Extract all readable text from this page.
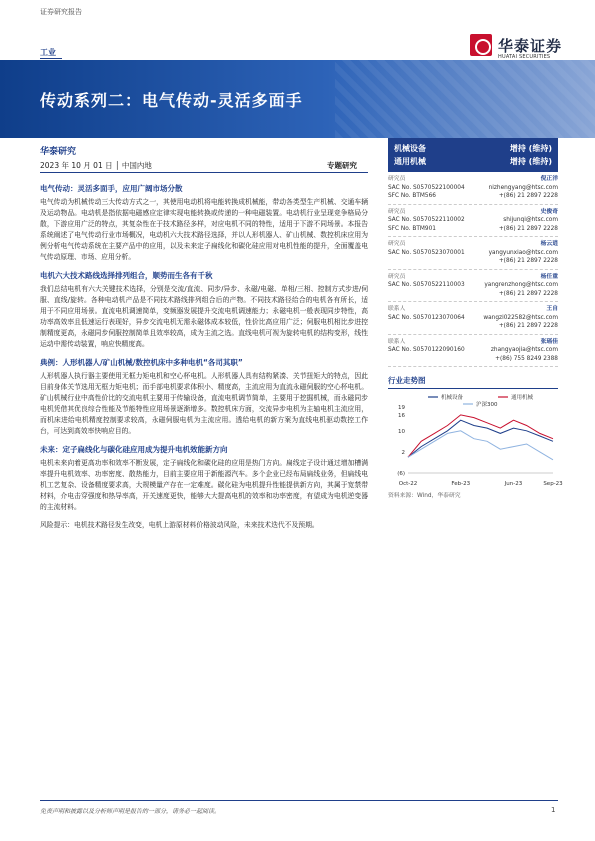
证券研究报告
华泰证券
HUATAI SECURITIES
工业
传动系列二：电气传动-灵活多面手
华泰研究
2023 年 10 月 01 日 │ 中国内地	专题研究
电气传动：灵活多面手，应用广阔市场分散
电气传动为机械传动三大传动方式之一，其使用电动机将电能转换成机械能，带动各类型生产机械、交通车辆及运动物品。电动机是指依据电磁感应定律实现电能转换或传递的一种电磁装置。电动机行业呈现竞争格局分散，下游应用广泛的特点，其复杂性在于技术路径多样，对应电机不同的特性，适用于下游不同场景。本报告系统阐述了电气传动行业市场概况，电动机六大技术路径选择，并以人形机器人、矿山机械、数控机床应用为例分析电气传动系统在主要产品中的应用，以及未来定子扁线化和碳化硅应用对电机性能的提升，全面覆盖电气传动原理、市场、应用分析。
电机六大技术路线选择排列组合，顺势而生各有千秋
我们总结电机有六大关键技术选择，分别是交流/直流、同步/异步、永磁/电磁、单相/三相、控制方式步进/伺服、直线/旋转。各种电动机产品是不同技术路线排列组合后的产物。不同技术路径给合的电机各有所长，适用于不同应用场景。直流电机调速简单，变频器发展提升交流电机调速能力；永磁电机一般表现同步特性，高功率高效率且低速运行表现好，异步交流电机无需永磁体成本较低，性价比高应用广泛；伺服电机相比步进控制精度更高，永磁同步伺服控制简单且效率较高，成为主流之选。直线电机可视为旋转电机的结构变形，线性运动中需传动装置，响应快精度高。
典例：人形机器人/矿山机械/数控机床中多种电机“各司其职”
人形机器人执行器主要使用无框力矩电机和空心杯电机。人形机器人具有结构紧凑、关节扭矩大的特点，因此目前身体关节选用无框力矩电机；而手部电机要求体积小、精度高，主流应用为直流永磁伺服的空心杯电机。矿山机械行业中高性价比的交流电机主要用于传输设备，直流电机调节简单，主要用于挖掘机械，而永磁同步电机凭借其优良综合性能及节能特性应用场景逐渐增多。数控机床方面，交流异步电机为主轴电机主流应用，而机床进给电机精度控制要求较高，永磁伺服电机为主流应用。透给电机的新方案为直线电机驱动数控工作台，可达到高效率快响应目的。
未来：定子扁线化与碳化硅应用成为提升电机效能新方向
电机未来向着更高功率和效率不断发展，定子扁线化和碳化硅的应用是热门方向。扁线定子设计通过增加槽满率提升电机效率、功率密度、散热能力，目前主要应用于新能源汽车。多个企业已经布局扁线业务，但扁线电机工艺复杂、设备精度要求高，大规模量产存在一定难度。碳化硅为电机提升性能提供新方向，其属于宽禁带材料，介电击穿强度和热导率高，开关速度更快，能够大大提高电机的效率和功率密度，有望成为电机逆变器的主流材料。
风险提示：电机技术路径发生改变，电机上游原材料价格波动风险，未来技术迭代不及预期。
机械设备	增持 (维持)
通用机械	增持 (维持)
研究员	倪正洋
SAC No. S0570522100004	nizhengyang@htsc.com
SFC No. BTM566	+(86) 21 2897 2228
研究员	史俊奇
SAC No. S0570522110002	shijunqi@htsc.com
SFC No. BTM901	+(86) 21 2897 2228
研究员	杨云逍
SAC No. S0570523070001	yangyunxiao@htsc.com
+(86) 21 2897 2228
研究员	杨任重
SAC No. S0570522110003	yangrenzhong@htsc.com
+(86) 21 2897 2228
联系人	王自
SAC No. S0570123070064	wangzi022582@htsc.com
+(86) 21 2897 2228
联系人	张瑶佳
SAC No. S0570122090160	zhangyaojia@htsc.com
+(86) 755 8249 2388
行业走势图
19
16
10
2
(6)
Oct-22	Feb-23	Jun-23	Sep-23
机械设备	通用机械
沪深300
资料来源：Wind，华泰研究
免责声明和披露以及分析师声明是报告的一部分，请务必一起阅读。	1
